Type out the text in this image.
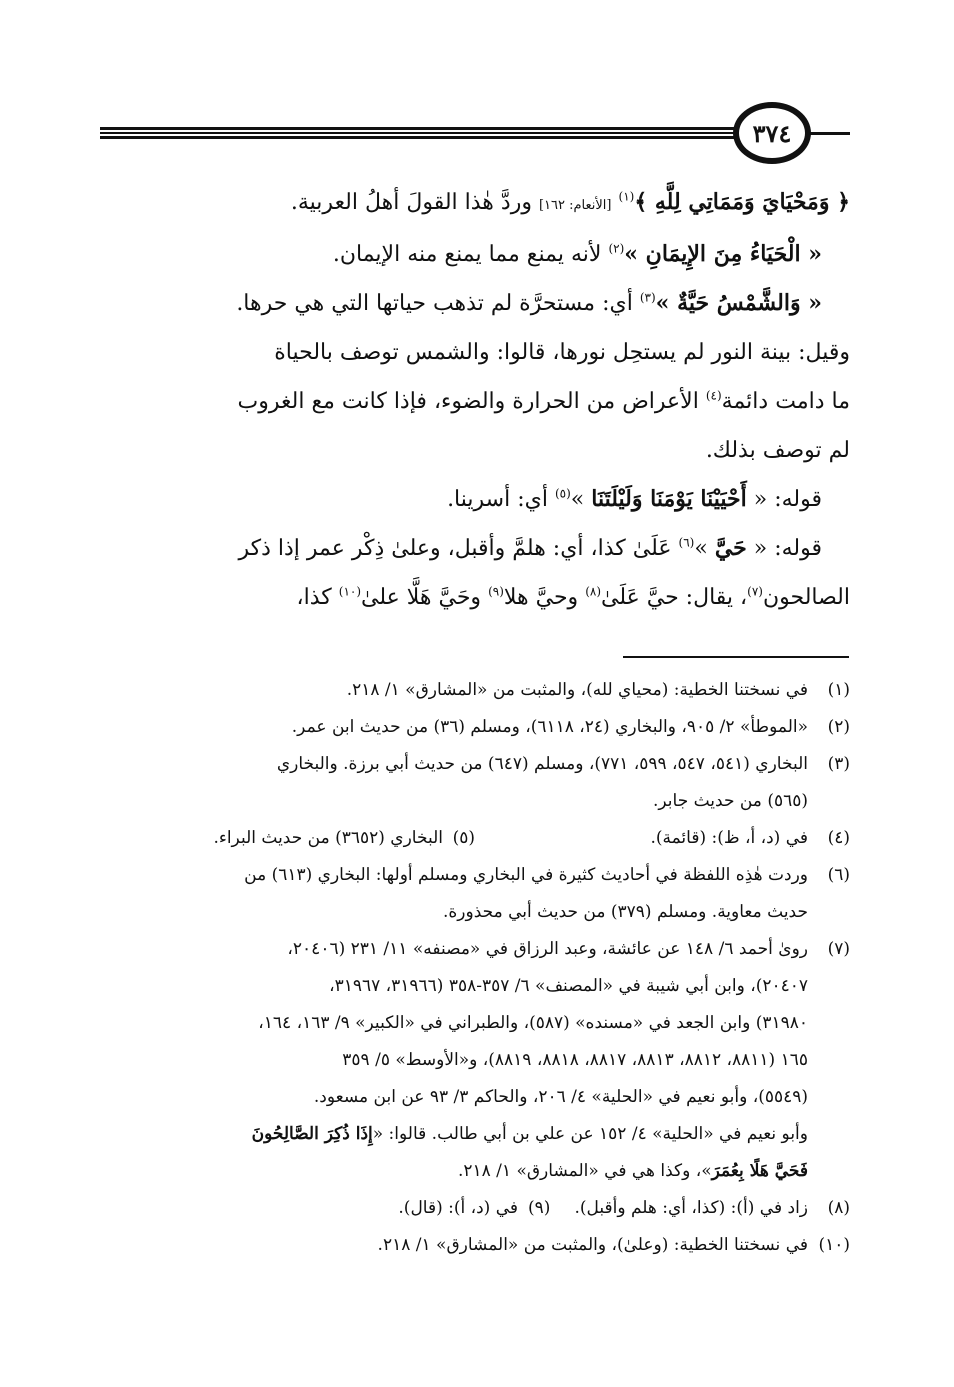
٣٧٤
﴿ وَمَحْيَايَ وَمَمَاتِي لِلَّهِ ﴾$^{(١)}$ [الأنعام: ١٦٢] وردَّ هٰذا القولَ أهلُ العربية.
« الْحَيَاءُ مِنَ الإِيمَانِ »$^{(٢)}$ لأنه يمنع مما يمنع منه الإيمان.
« وَالشَّمْسُ حَيَّةٌ »$^{(٣)}$ أي: مستحرَّة لم تذهب حياتها التي هي حرها.
وقيل: بينة النور لم يستحِل نورها، قالوا: والشمس توصف بالحياة
ما دامت دائمة$^{(٤)}$ الأعراض من الحرارة والضوء، فإذا كانت مع الغروب
لم توصف بذلك.
قوله: « أَحْيَيْنَا يَوْمَنَا وَلَيْلَتَنَا »$^{(٥)}$ أي: أسرينا.
قوله: « حَيَّ »$^{(٦)}$ عَلَىٰ كذا، أي: هلمَّ وأقبل، وعلىٰ ذِكْر عمر إذا ذكر
الصالحون$^{(٧)}$، يقال: حيَّ عَلَىٰ$^{(٨)}$ وحيَّ هلا$^{(٩)}$ وحَيَّ هَلَّا علىٰ$^{(١٠)}$ كذا،
(١)
في نسختنا الخطية: (محياي لله)، والمثبت من «المشارق» ١/ ٢١٨.
(٢)
«الموطأ» ٢/ ٩٠٥، والبخاري (٢٤، ٦١١٨)، ومسلم (٣٦) من حديث ابن عمر.
(٣)
البخاري (٥٤١، ٥٤٧، ٥٩٩، ٧٧١)، ومسلم (٦٤٧) من حديث أبي برزة. والبخاري
(٥٦٥) من حديث جابر.
(٤)
في (د، أ، ظ): (قائمة).
(٥)
البخاري (٣٦٥٢) من حديث البراء.
(٦)
وردت هٰذِه اللفظة في أحاديث كثيرة في البخاري ومسلم أولها: البخاري (٦١٣) من
حديث معاوية. ومسلم (٣٧٩) من حديث أبي محذورة.
(٧)
روىٰ أحمد ٦/ ١٤٨ عن عائشة، وعبد الرزاق في «مصنفه» ١١/ ٢٣١ (٢٠٤٠٦،
٢٠٤٠٧)، وابن أبي شيبة في «المصنف» ٦/ ٣٥٧-٣٥٨ (٣١٩٦٦، ٣١٩٦٧،
٣١٩٨٠) وابن الجعد في «مسنده» (٥٨٧)، والطبراني في «الكبير» ٩/ ١٦٣، ١٦٤،
١٦٥ (٨٨١١، ٨٨١٢، ٨٨١٣، ٨٨١٧، ٨٨١٨، ٨٨١٩)، و«الأوسط» ٥/ ٣٥٩
(٥٥٤٩)، وأبو نعيم في «الحلية» ٤/ ٢٠٦، والحاكم ٣/ ٩٣ عن ابن مسعود.
وأبو نعيم في «الحلية» ٤/ ١٥٢ عن علي بن أبي طالب. قالوا: «إِذَا ذُكِرَ الصَّالِحُونَ
فَحَيَّ هَلًا بِعُمَرَ»، وكذا هي في «المشارق» ١/ ٢١٨.
(٨)
زاد في (أ): (كذا، أي: هلم وأقبل).
(٩)
في (د، أ): (قال).
(١٠)
في نسختنا الخطية: (وعلىٰ)، والمثبت من «المشارق» ١/ ٢١٨.
